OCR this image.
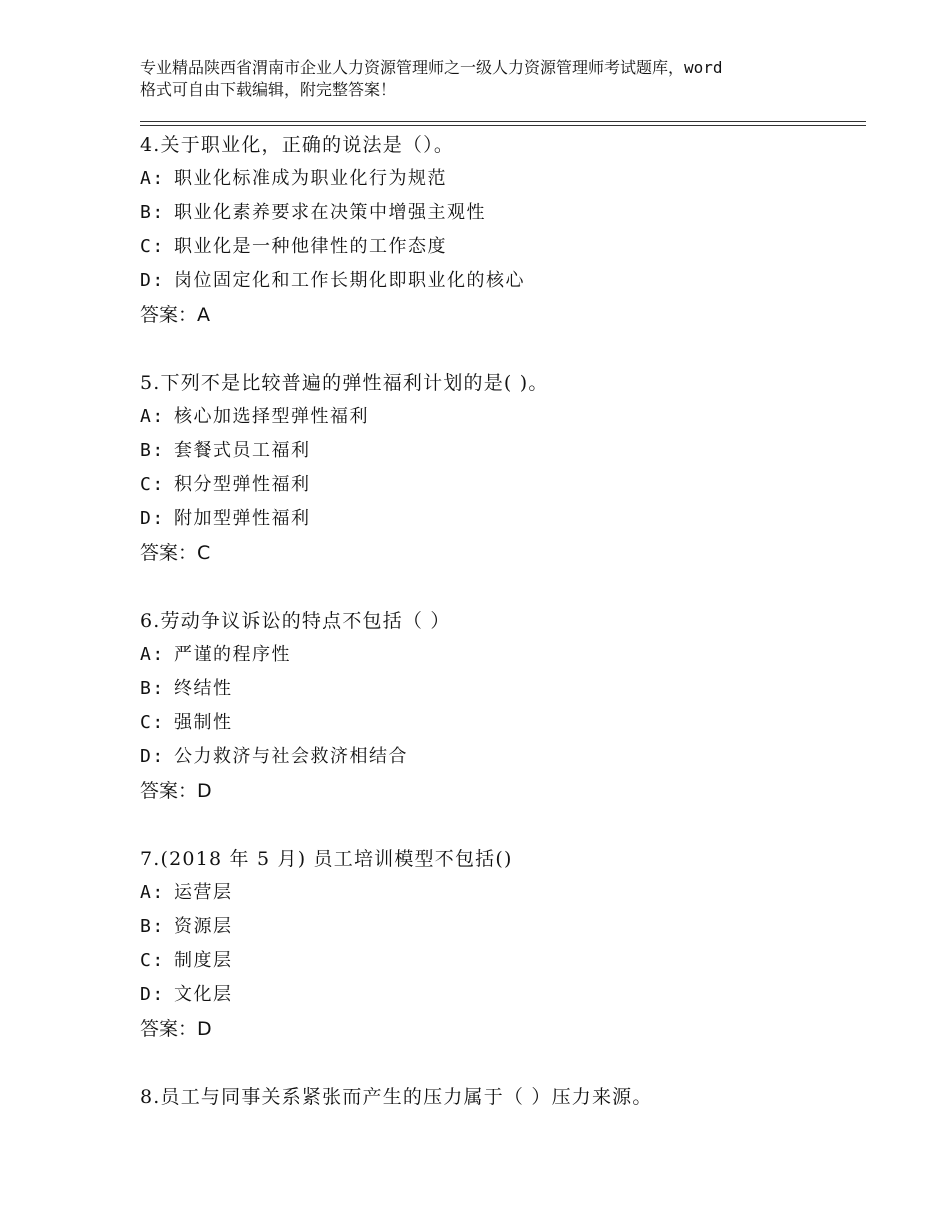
专业精品陕西省渭南市企业人力资源管理师之一级人力资源管理师考试题库，word
格式可自由下载编辑，附完整答案！
4.关于职业化，正确的说法是（）。
A: 职业化标准成为职业化行为规范
B: 职业化素养要求在决策中增强主观性
C: 职业化是一种他律性的工作态度
D: 岗位固定化和工作长期化即职业化的核心
答案：A
5.下列不是比较普遍的弹性福利计划的是( )。
A: 核心加选择型弹性福利
B: 套餐式员工福利
C: 积分型弹性福利
D: 附加型弹性福利
答案：C
6.劳动争议诉讼的特点不包括（ ）
A: 严谨的程序性
B: 终结性
C: 强制性
D: 公力救济与社会救济相结合
答案：D
7.(2018 年 5 月) 员工培训模型不包括()
A: 运营层
B: 资源层
C: 制度层
D: 文化层
答案：D
8.员工与同事关系紧张而产生的压力属于（ ）压力来源。
